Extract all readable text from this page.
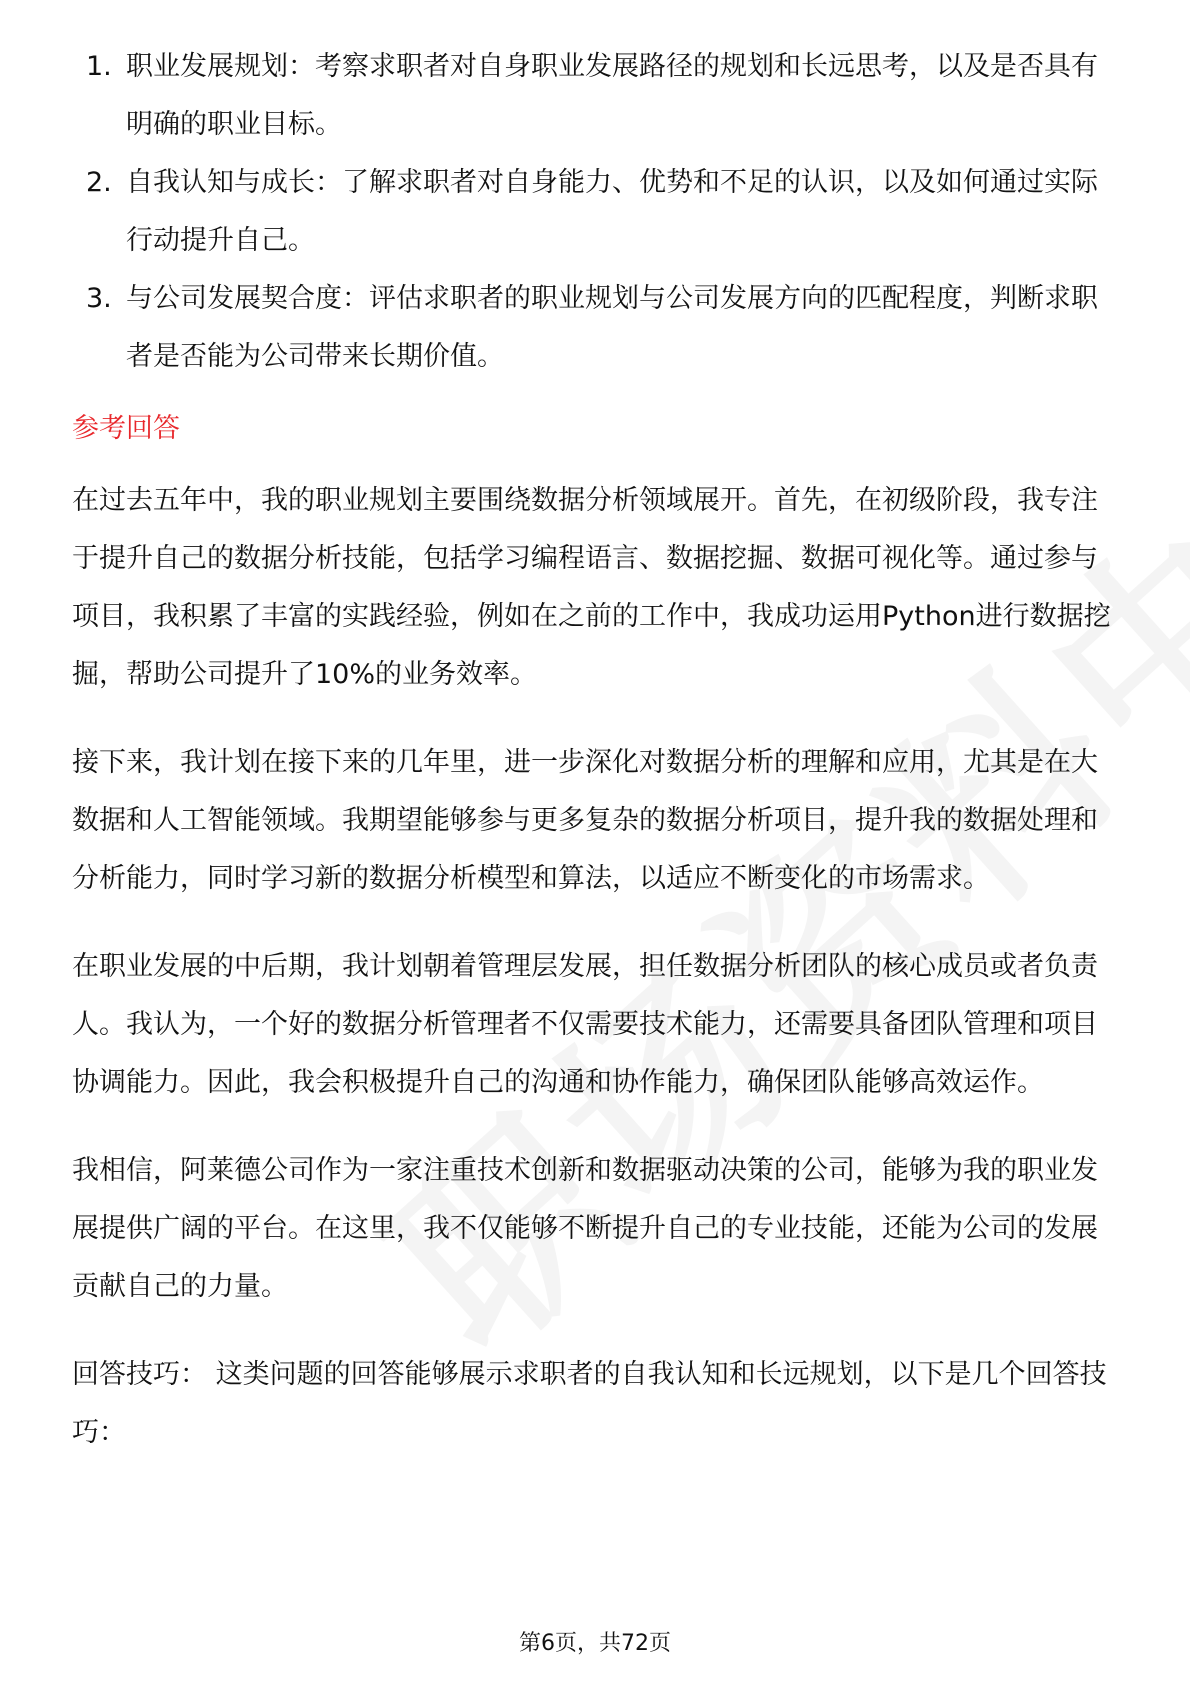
1. 职业发展规划：考察求职者对自身职业发展路径的规划和长远思考，以及是否具有明确的职业目标。
2. 自我认知与成长：了解求职者对自身能力、优势和不足的认识，以及如何通过实际行动提升自己。
3. 与公司发展契合度：评估求职者的职业规划与公司发展方向的匹配程度，判断求职者是否能为公司带来长期价值。
参考回答

在过去五年中，我的职业规划主要围绕数据分析领域展开。首先，在初级阶段，我专注于提升自己的数据分析技能，包括学习编程语言、数据挖掘、数据可视化等。通过参与项目，我积累了丰富的实践经验，例如在之前的工作中，我成功运用Python进行数据挖掘，帮助公司提升了10%的业务效率。

接下来，我计划在接下来的几年里，进一步深化对数据分析的理解和应用，尤其是在大数据和人工智能领域。我期望能够参与更多复杂的数据分析项目，提升我的数据处理和分析能力，同时学习新的数据分析模型和算法，以适应不断变化的市场需求。

在职业发展的中后期，我计划朝着管理层发展，担任数据分析团队的核心成员或者负责人。我认为，一个好的数据分析管理者不仅需要技术能力，还需要具备团队管理和项目协调能力。因此，我会积极提升自己的沟通和协作能力，确保团队能够高效运作。

我相信，阿莱德公司作为一家注重技术创新和数据驱动决策的公司，能够为我的职业发展提供广阔的平台。在这里，我不仅能够不断提升自己的专业技能，还能为公司的发展贡献自己的力量。

回答技巧： 这类问题的回答能够展示求职者的自我认知和长远规划，以下是几个回答技巧：

第6页，共72页
